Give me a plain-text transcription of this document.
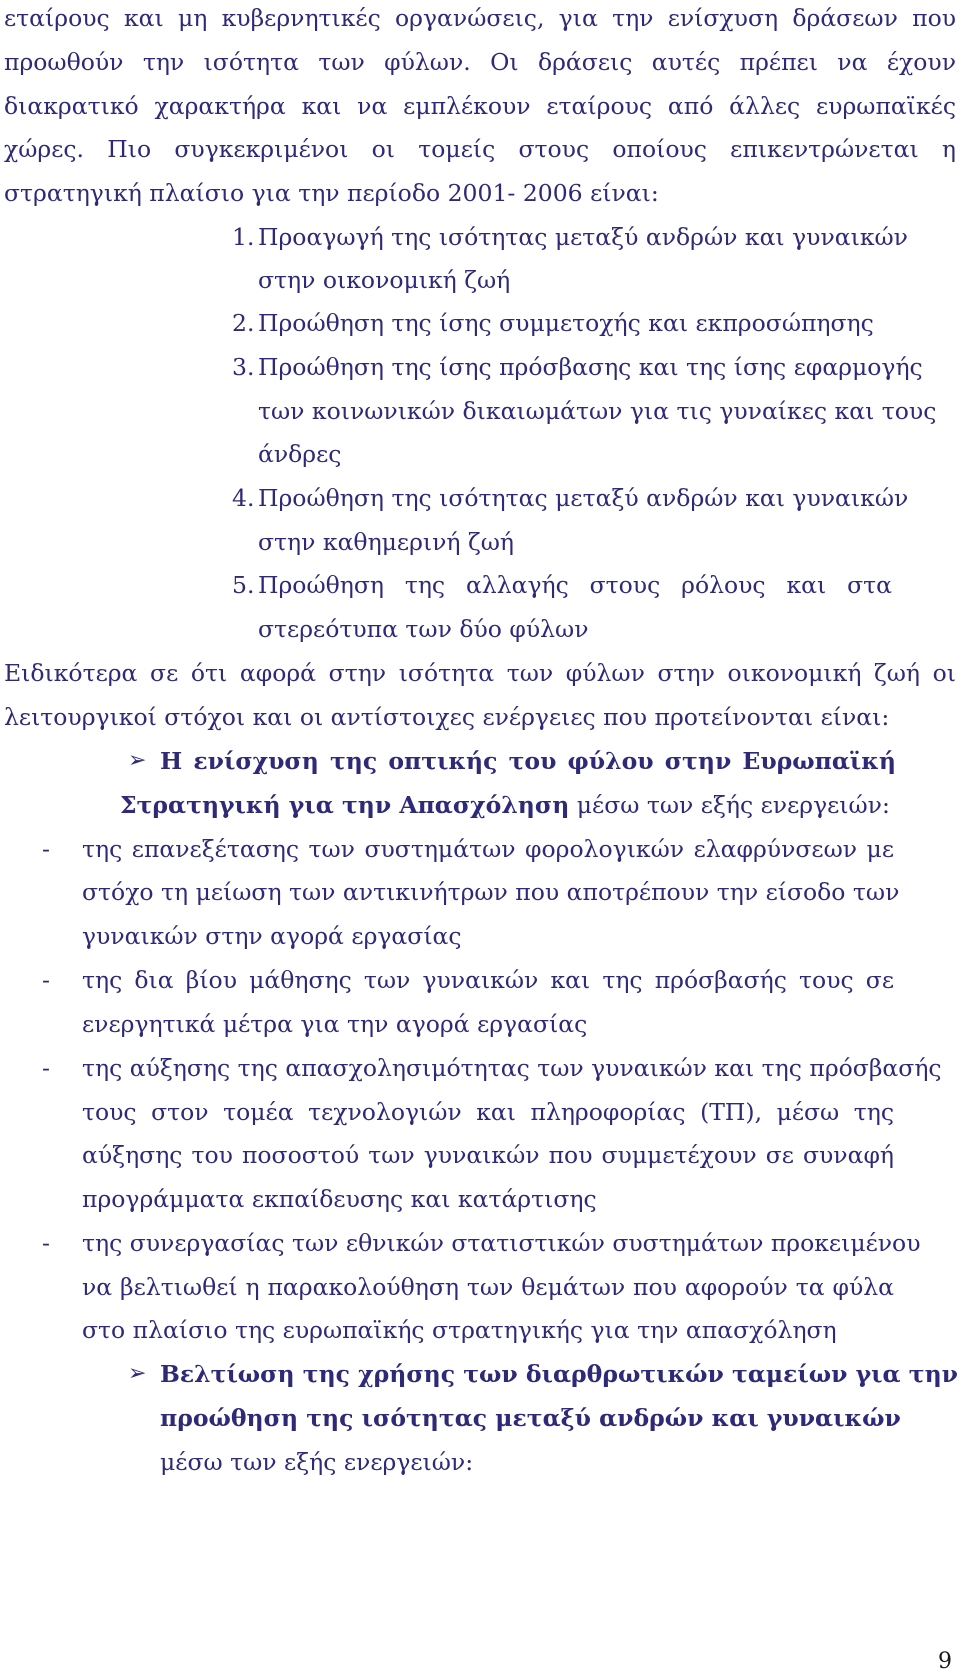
εταίρους και μη κυβερνητικές οργανώσεις, για την ενίσχυση δράσεων που
προωθούν την ισότητα των φύλων. Οι δράσεις αυτές πρέπει να έχουν
διακρατικό χαρακτήρα και να εμπλέκουν εταίρους από άλλες ευρωπαϊκές
χώρες. Πιο συγκεκριμένοι οι τομείς στους οποίους επικεντρώνεται η
στρατηγική πλαίσιο για την περίοδο 2001- 2006 είναι:
1. Προαγωγή της ισότητας μεταξύ ανδρών και γυναικών
στην οικονομική ζωή
2. Προώθηση της ίσης συμμετοχής και εκπροσώπησης
3. Προώθηση της ίσης πρόσβασης και της ίσης εφαρμογής
των κοινωνικών δικαιωμάτων για τις γυναίκες και τους
άνδρες
4. Προώθηση της ισότητας μεταξύ ανδρών και γυναικών
στην καθημερινή ζωή
5. Προώθηση της αλλαγής στους ρόλους και στα
στερεότυπα των δύο φύλων
Ειδικότερα σε ότι αφορά στην ισότητα των φύλων στην οικονομική ζωή οι
λειτουργικοί στόχοι και οι αντίστοιχες ενέργειες που προτείνονται είναι:
➢ Η ενίσχυση της οπτικής του φύλου στην Ευρωπαϊκή
Στρατηγική για την Απασχόληση μέσω των εξής ενεργειών:
-	της επανεξέτασης των συστημάτων φορολογικών ελαφρύνσεων με
στόχο τη μείωση των αντικινήτρων που αποτρέπουν την είσοδο των
γυναικών στην αγορά εργασίας
-	της δια βίου μάθησης των γυναικών και της πρόσβασής τους σε
ενεργητικά μέτρα για την αγορά εργασίας
-	της αύξησης της απασχολησιμότητας των γυναικών και της πρόσβασής
τους στον τομέα τεχνολογιών και πληροφορίας (ΤΠ), μέσω της
αύξησης του ποσοστού των γυναικών που συμμετέχουν σε συναφή
προγράμματα εκπαίδευσης και κατάρτισης
-	της συνεργασίας των εθνικών στατιστικών συστημάτων προκειμένου
να βελτιωθεί η παρακολούθηση των θεμάτων που αφορούν τα φύλα
στο πλαίσιο της ευρωπαϊκής στρατηγικής για την απασχόληση
➢ Βελτίωση της χρήσης των διαρθρωτικών ταμείων για την
προώθηση της ισότητας μεταξύ ανδρών και γυναικών
μέσω των εξής ενεργειών:
9
